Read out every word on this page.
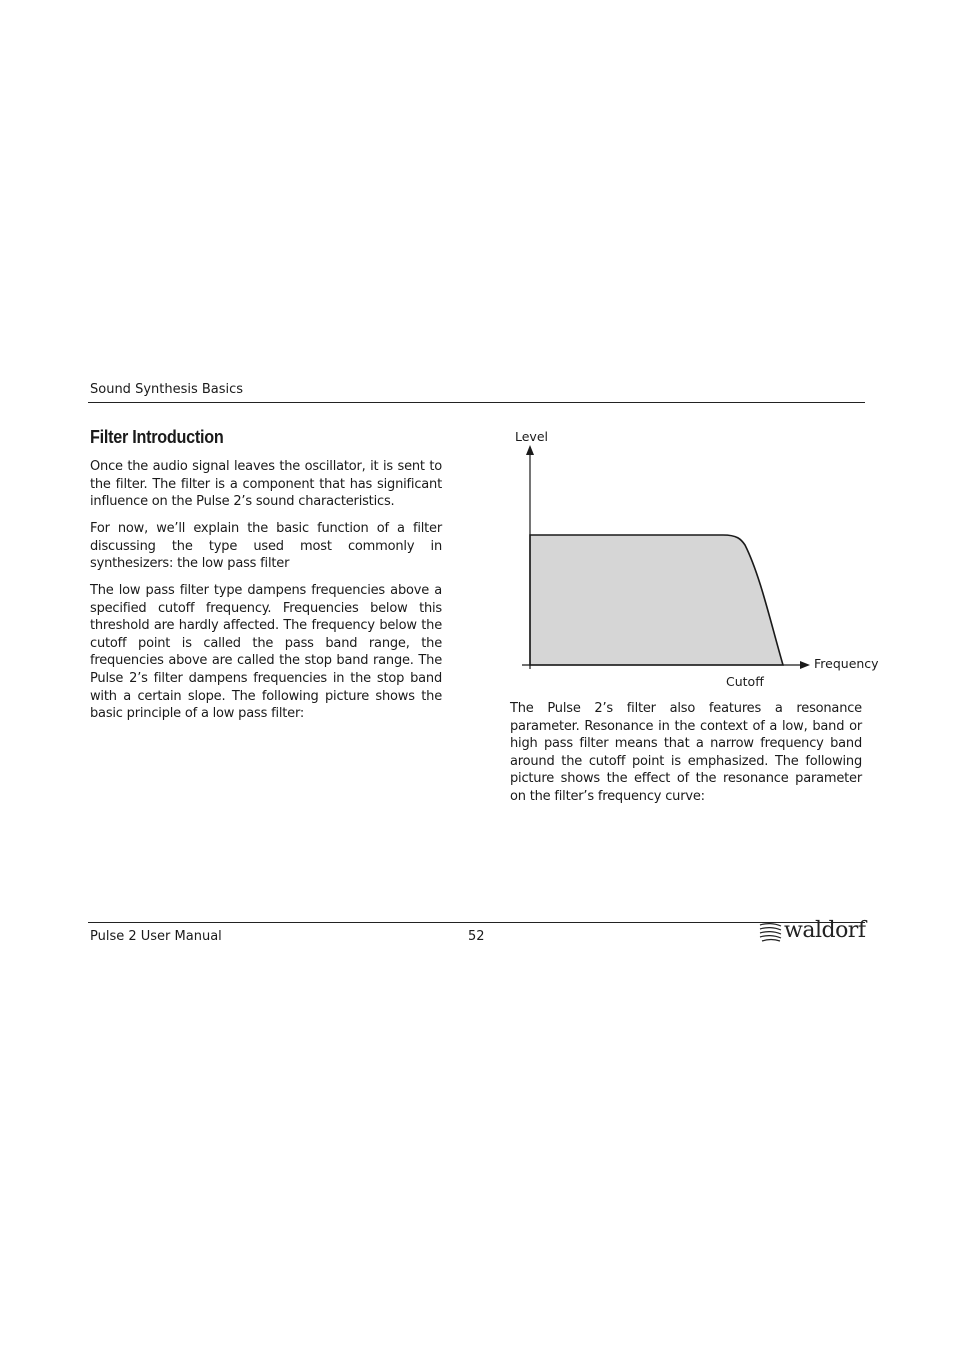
Sound Synthesis Basics
Filter Introduction

Once the audio signal leaves the oscillator, it is sent to the filter. The filter is a component that has significant influence on the Pulse 2’s sound characteristics.

For now, we’ll explain the basic function of a filter discussing the type used most commonly in synthesizers: the low pass filter

The low pass filter type dampens frequencies above a specified cutoff frequency. Frequencies below this threshold are hardly affected. The frequency below the cutoff point is called the pass band range, the frequencies above are called the stop band range. The Pulse 2’s filter dampens frequencies in the stop band with a certain slope. The following picture shows the basic principle of a low pass filter:

Level
Frequency
Cutoff

The Pulse 2’s filter also features a resonance parameter. Resonance in the context of a low, band or high pass filter means that a narrow frequency band around the cutoff point is emphasized. The following picture shows the effect of the resonance parameter on the filter’s frequency curve:

Pulse 2 User Manual	52	waldorf
